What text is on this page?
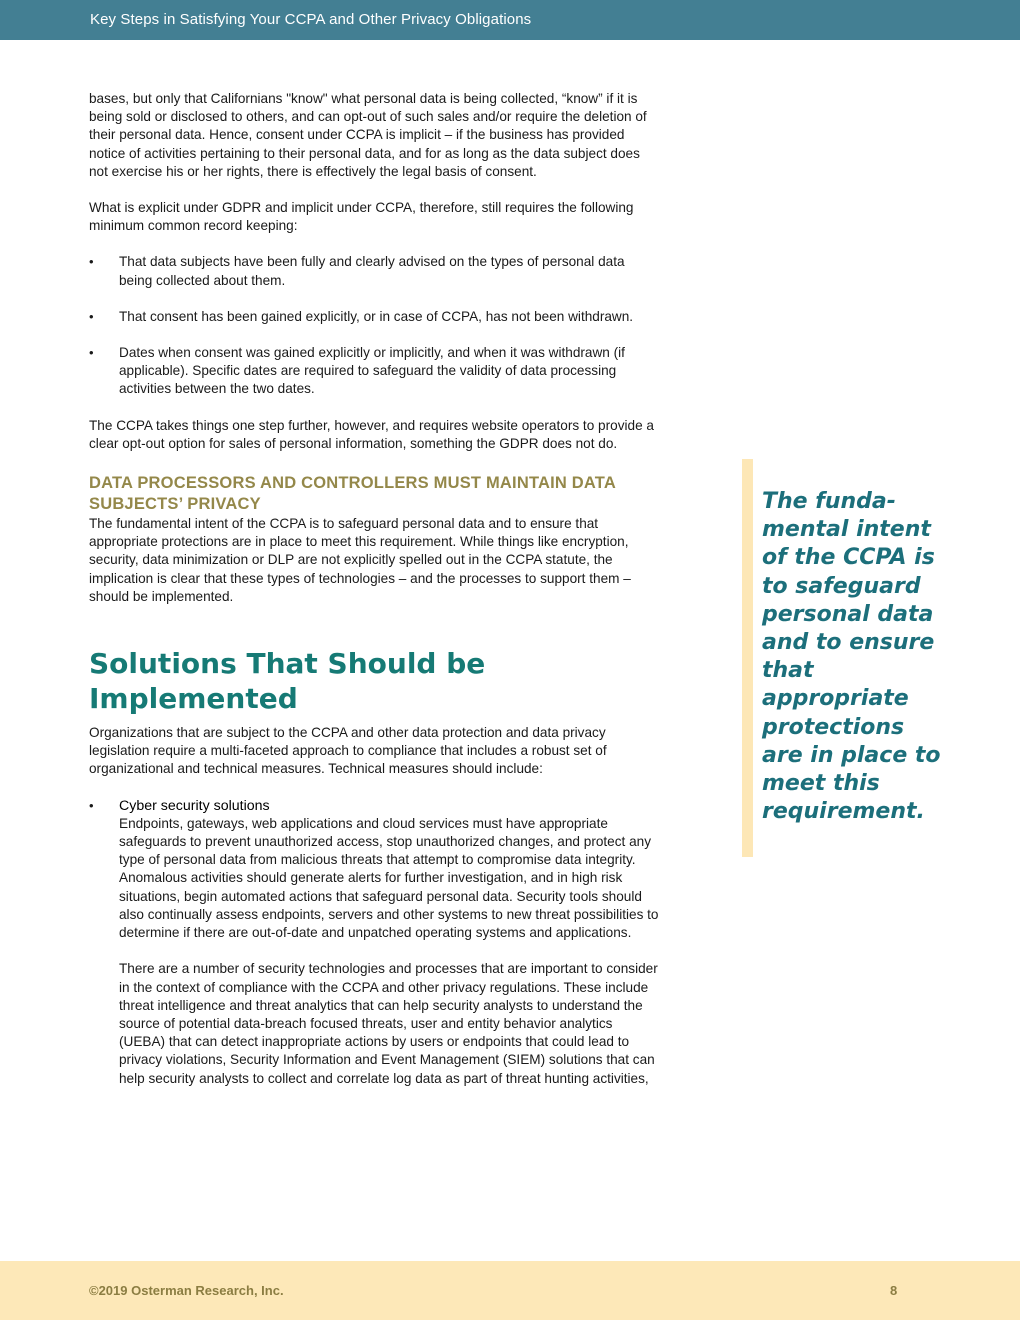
Key Steps in Satisfying Your CCPA and Other Privacy Obligations

bases, but only that Californians "know" what personal data is being collected, “know” if it is being sold or disclosed to others, and can opt-out of such sales and/or require the deletion of their personal data. Hence, consent under CCPA is implicit – if the business has provided notice of activities pertaining to their personal data, and for as long as the data subject does not exercise his or her rights, there is effectively the legal basis of consent.

What is explicit under GDPR and implicit under CCPA, therefore, still requires the following minimum common record keeping:

• That data subjects have been fully and clearly advised on the types of personal data being collected about them.
• That consent has been gained explicitly, or in case of CCPA, has not been withdrawn.
• Dates when consent was gained explicitly or implicitly, and when it was withdrawn (if applicable). Specific dates are required to safeguard the validity of data processing activities between the two dates.

The CCPA takes things one step further, however, and requires website operators to provide a clear opt-out option for sales of personal information, something the GDPR does not do.

DATA PROCESSORS AND CONTROLLERS MUST MAINTAIN DATA SUBJECTS’ PRIVACY

The fundamental intent of the CCPA is to safeguard personal data and to ensure that appropriate protections are in place to meet this requirement. While things like encryption, security, data minimization or DLP are not explicitly spelled out in the CCPA statute, the implication is clear that these types of technologies – and the processes to support them – should be implemented.

Solutions That Should be Implemented

Organizations that are subject to the CCPA and other data protection and data privacy legislation require a multi-faceted approach to compliance that includes a robust set of organizational and technical measures. Technical measures should include:

• Cyber security solutions
Endpoints, gateways, web applications and cloud services must have appropriate safeguards to prevent unauthorized access, stop unauthorized changes, and protect any type of personal data from malicious threats that attempt to compromise data integrity. Anomalous activities should generate alerts for further investigation, and in high risk situations, begin automated actions that safeguard personal data. Security tools should also continually assess endpoints, servers and other systems to new threat possibilities to determine if there are out-of-date and unpatched operating systems and applications.
There are a number of security technologies and processes that are important to consider in the context of compliance with the CCPA and other privacy regulations. These include threat intelligence and threat analytics that can help security analysts to understand the source of potential data-breach focused threats, user and entity behavior analytics (UEBA) that can detect inappropriate actions by users or endpoints that could lead to privacy violations, Security Information and Event Management (SIEM) solutions that can help security analysts to collect and correlate log data as part of threat hunting activities,
The funda-mental intent of the CCPA is to safeguard personal data and to ensure that appropriate protections are in place to meet this requirement.
©2019 Osterman Research, Inc.	8
